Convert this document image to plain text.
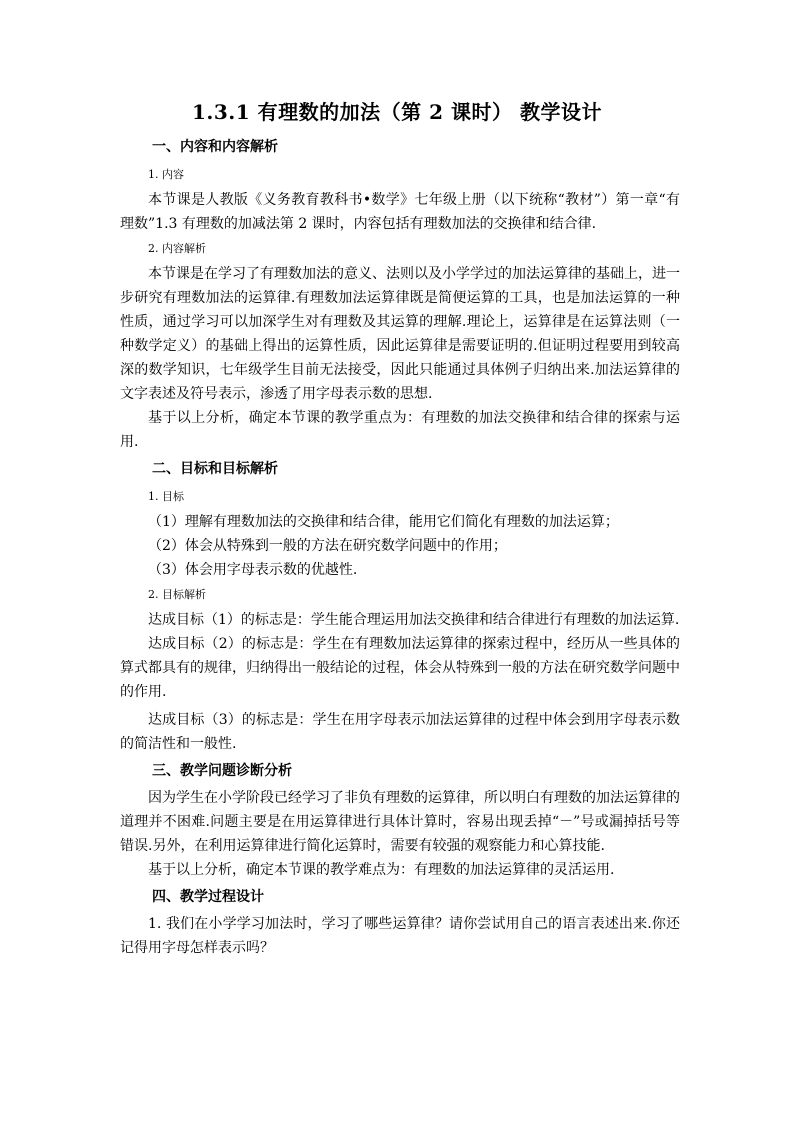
1.3.1 有理数的加法（第 2 课时） 教学设计
一、内容和内容解析
1. 内容

本节课是人教版《义务教育教科书•数学》七年级上册（以下统称“教材”）第一章“有理数”1.3 有理数的加减法第 2 课时，内容包括有理数加法的交换律和结合律.

2. 内容解析

本节课是在学习了有理数加法的意义、法则以及小学学过的加法运算律的基础上，进一步研究有理数加法的运算律.有理数加法运算律既是简便运算的工具，也是加法运算的一种性质，通过学习可以加深学生对有理数及其运算的理解.理论上，运算律是在运算法则（一种数学定义）的基础上得出的运算性质，因此运算律是需要证明的.但证明过程要用到较高深的数学知识，七年级学生目前无法接受，因此只能通过具体例子归纳出来.加法运算律的文字表述及符号表示，渗透了用字母表示数的思想.

基于以上分析，确定本节课的教学重点为：有理数的加法交换律和结合律的探索与运用.

二、目标和目标解析
1. 目标

（1）理解有理数加法的交换律和结合律，能用它们简化有理数的加法运算；

（2）体会从特殊到一般的方法在研究数学问题中的作用；

（3）体会用字母表示数的优越性.

2. 目标解析

达成目标（1）的标志是：学生能合理运用加法交换律和结合律进行有理数的加法运算.

达成目标（2）的标志是：学生在有理数加法运算律的探索过程中，经历从一些具体的算式都具有的规律，归纳得出一般结论的过程，体会从特殊到一般的方法在研究数学问题中的作用.

达成目标（3）的标志是：学生在用字母表示加法运算律的过程中体会到用字母表示数的简洁性和一般性.

三、教学问题诊断分析

因为学生在小学阶段已经学习了非负有理数的运算律，所以明白有理数的加法运算律的道理并不困难.问题主要是在用运算律进行具体计算时，容易出现丢掉“－”号或漏掉括号等错误.另外，在利用运算律进行简化运算时，需要有较强的观察能力和心算技能.

基于以上分析，确定本节课的教学难点为：有理数的加法运算律的灵活运用.

四、教学过程设计

1. 我们在小学学习加法时，学习了哪些运算律？请你尝试用自己的语言表述出来.你还记得用字母怎样表示吗？
